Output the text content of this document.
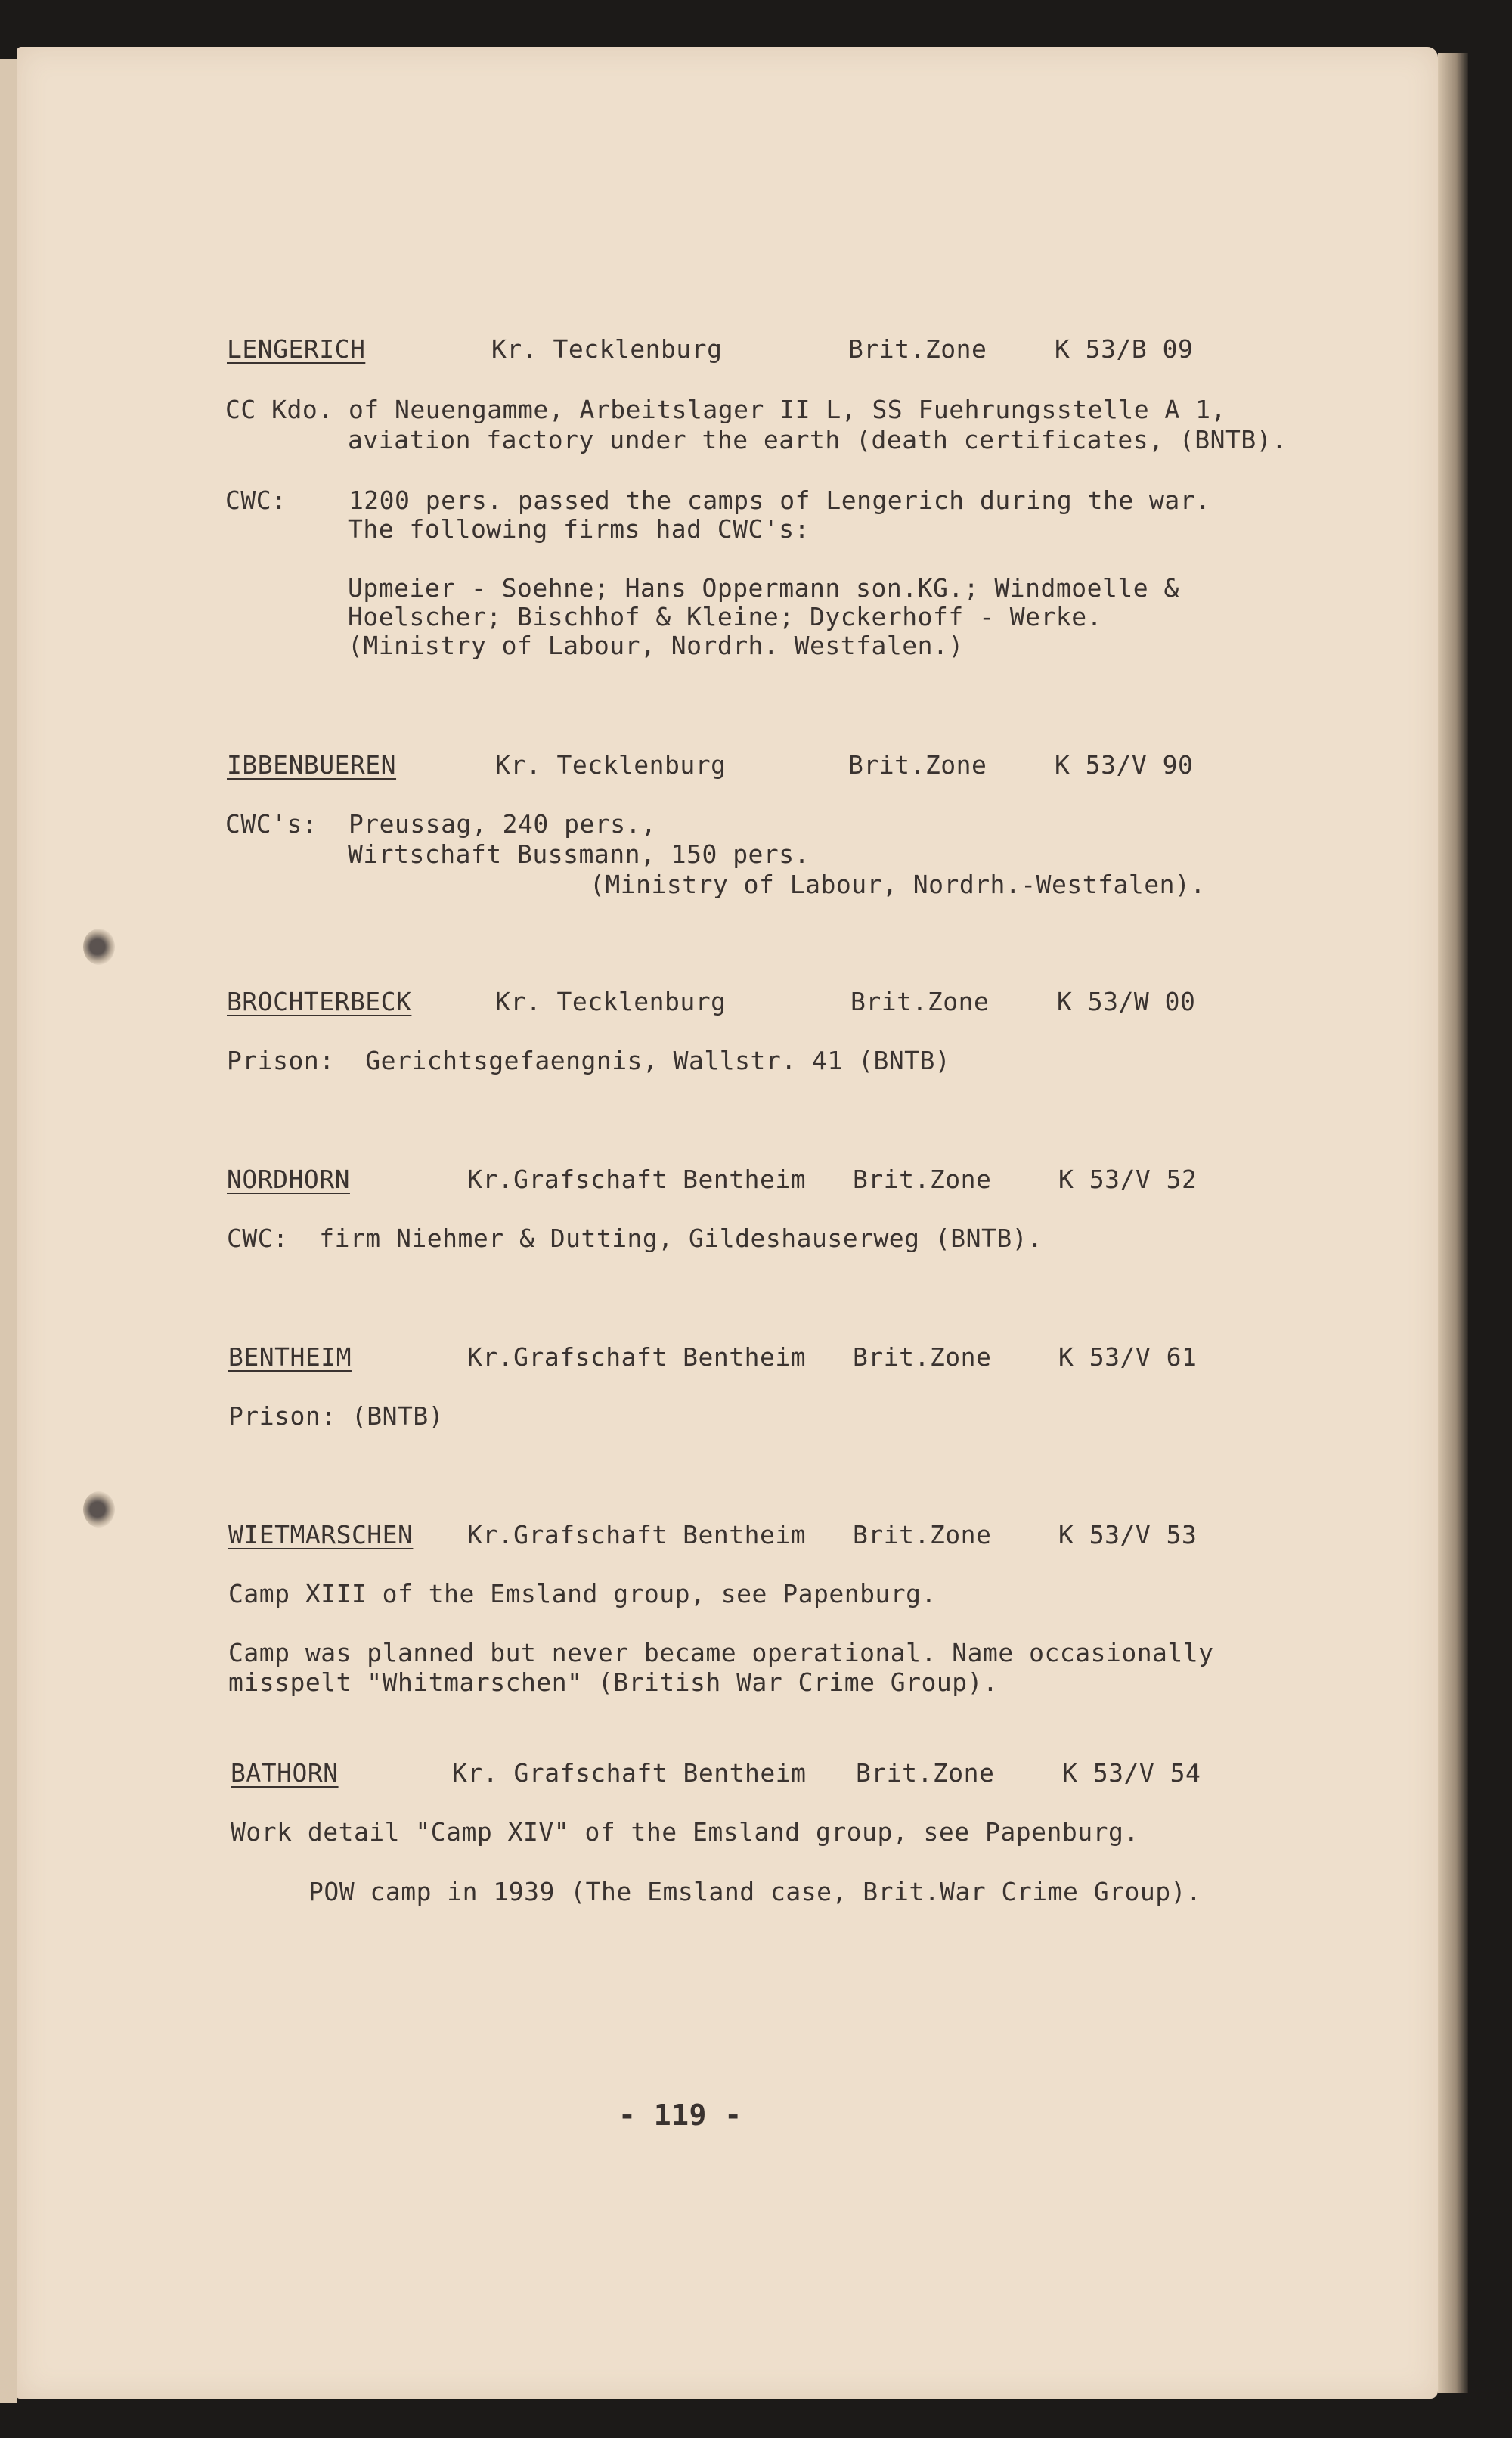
LENGERICH	Kr. Tecklenburg	Brit.Zone	K 53/B 09
CC Kdo. of Neuengamme, Arbeitslager II L, SS Fuehrungsstelle A 1,
aviation factory under the earth (death certificates, (BNTB).
CWC:    1200 pers. passed the camps of Lengerich during the war.
The following firms had CWC's:
Upmeier - Soehne; Hans Oppermann son.KG.; Windmoelle &
Hoelscher; Bischhof & Kleine; Dyckerhoff - Werke.
(Ministry of Labour, Nordrh. Westfalen.)
IBBENBUEREN	Kr. Tecklenburg	Brit.Zone	K 53/V 90
CWC's:  Preussag, 240 pers.,
Wirtschaft Bussmann, 150 pers.
(Ministry of Labour, Nordrh.-Westfalen).
BROCHTERBECK	Kr. Tecklenburg	Brit.Zone	K 53/W 00
Prison:  Gerichtsgefaengnis, Wallstr. 41 (BNTB)
NORDHORN	Kr.Grafschaft Bentheim Brit.Zone	K 53/V 52
CWC:  firm Niehmer & Dutting, Gildeshauserweg (BNTB).
BENTHEIM	Kr.Grafschaft Bentheim Brit.Zone	K 53/V 61
Prison: (BNTB)
WIETMARSCHEN Kr.Grafschaft Bentheim Brit.Zone	K 53/V 53
Camp XIII of the Emsland group, see Papenburg.
Camp was planned but never became operational. Name occasionally
misspelt "Whitmarschen" (British War Crime Group).
BATHORN	Kr. Grafschaft Bentheim Brit.Zone	K 53/V 54
Work detail "Camp XIV" of the Emsland group, see Papenburg.
POW camp in 1939 (The Emsland case, Brit.War Crime Group).
- 119 -
